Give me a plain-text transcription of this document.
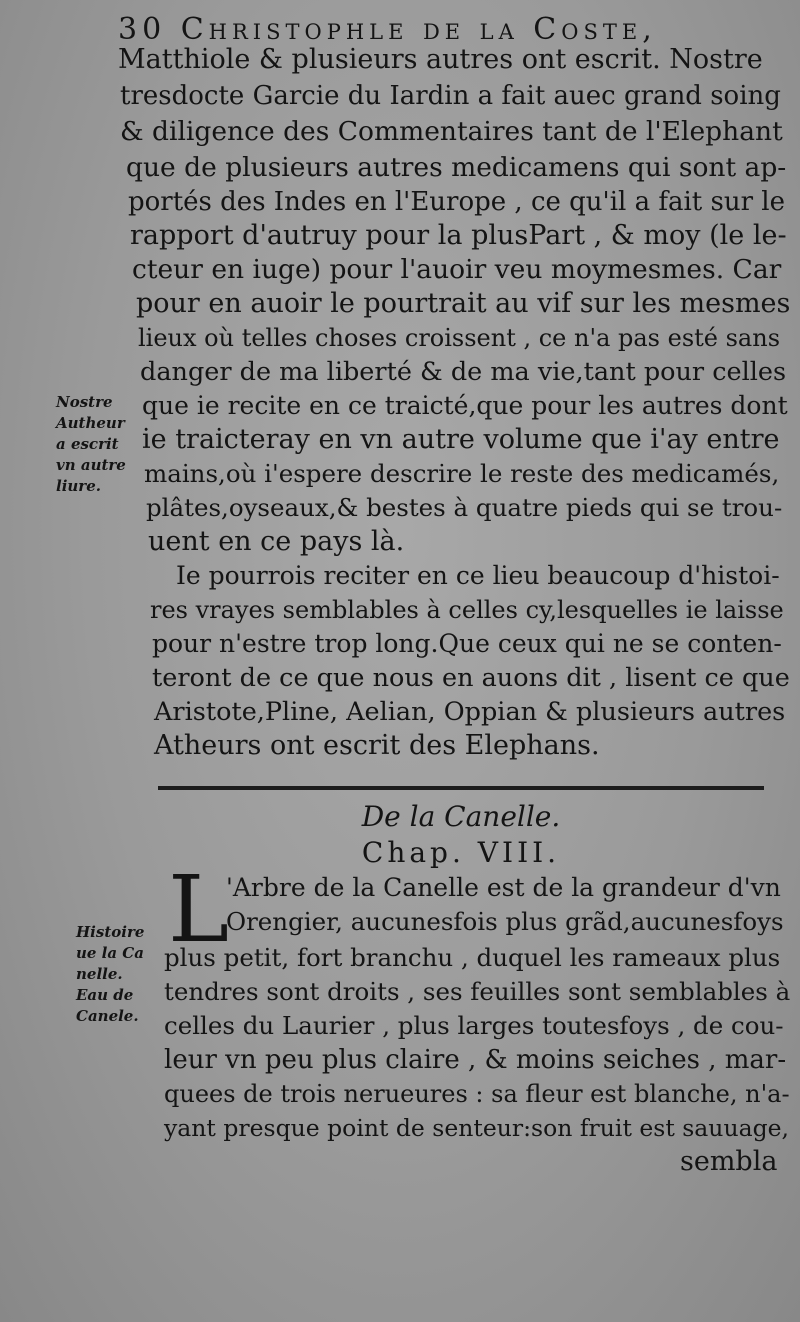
30 Christophle de la Coste,
Matthiole & plusieurs autres ont escrit. Nostre
tresdocte Garcie du Iardin a fait auec grand soing
& diligence des Commentaires tant de l'Elephant
que de plusieurs autres medicamens qui sont ap-
portés des Indes en l'Europe , ce qu'il a fait sur le
rapport d'autruy pour la plusPart , & moy (le le-
cteur en iuge) pour l'auoir veu moymesmes. Car
pour en auoir le pourtrait au vif sur les mesmes
lieux où telles choses croissent , ce n'a pas esté sans
danger de ma liberté & de ma vie,tant pour celles
que ie recite en ce traicté,que pour les autres dont
ie traicteray en vn autre volume que i'ay entre
mains,où i'espere descrire le reste des medicamés,
plâtes,oyseaux,& bestes à quatre pieds qui se trou-
uent en ce pays là.
Ie pourrois reciter en ce lieu beaucoup d'histoi-
res vrayes semblables à celles cy,lesquelles ie laisse
pour n'estre trop long.Que ceux qui ne se conten-
teront de ce que nous en auons dit , lisent ce que
Aristote,Pline, Aelian, Oppian & plusieurs autres
Atheurs ont escrit des Elephans.
Nostre
Autheur
a escrit
vn autre
liure.
De la Canelle.
Chap. VIII.
L
'Arbre de la Canelle est de la grandeur d'vn
Orengier, aucunesfois plus grãd,aucunesfoys
plus petit, fort branchu , duquel les rameaux plus
tendres sont droits , ses feuilles sont semblables à
celles du Laurier , plus larges toutesfoys , de cou-
leur vn peu plus claire , & moins seiches , mar-
quees de trois nerueures : sa fleur est blanche, n'a-
yant presque point de senteur:son fruit est sauuage,
sembla
Histoire
ue la Ca
nelle.
Eau de
Canele.
